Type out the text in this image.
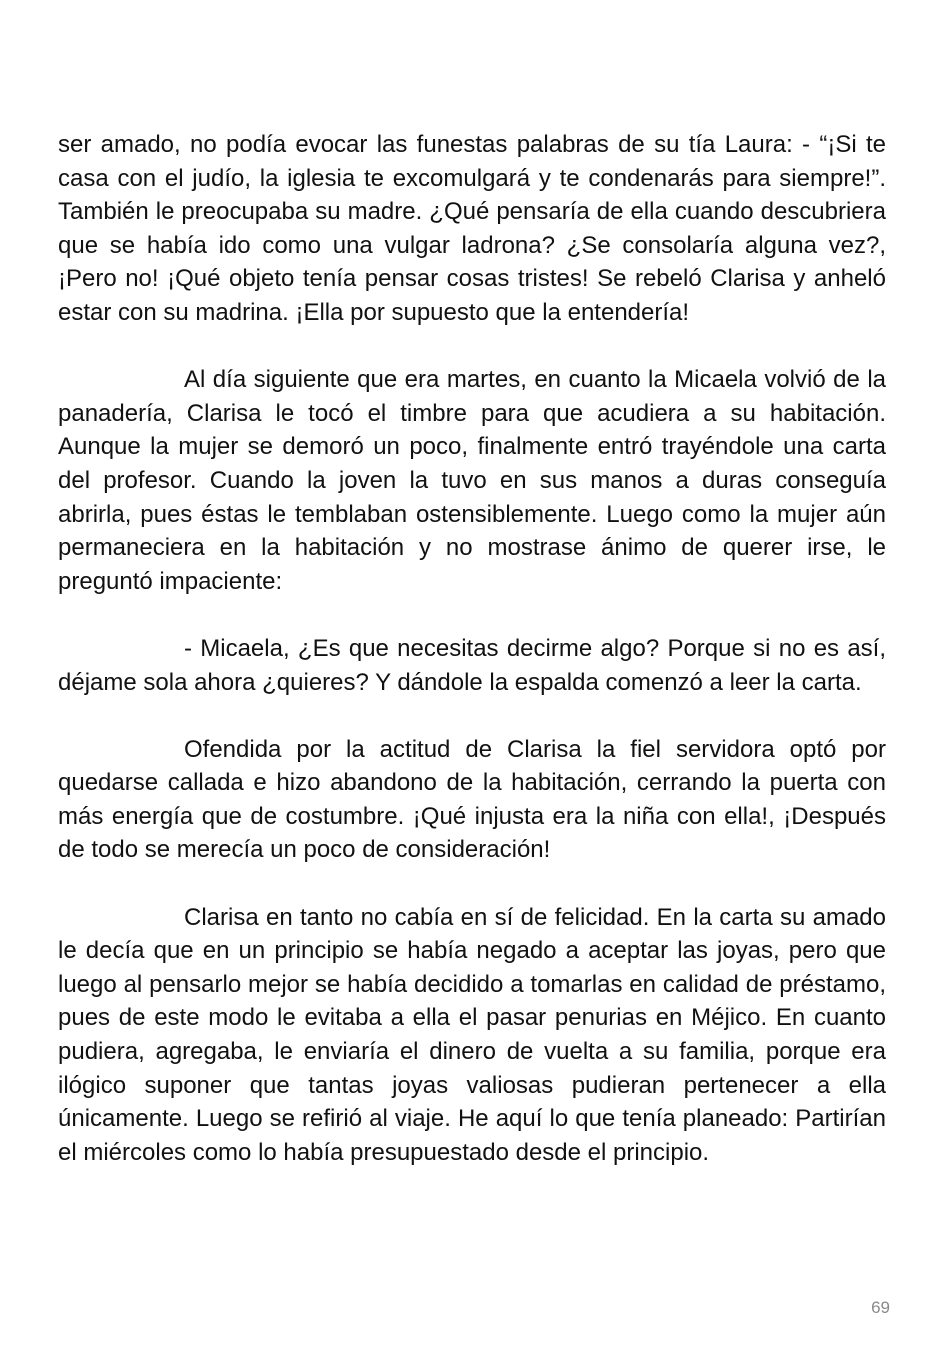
ser amado, no podía evocar las funestas palabras de su tía Laura: - “¡Si te casa con el judío, la iglesia te excomulgará y te condenarás para siempre!”. También le preocupaba su madre. ¿Qué pensaría de ella cuando descubriera que se había ido como una vulgar ladrona? ¿Se consolaría alguna vez?, ¡Pero no! ¡Qué objeto tenía pensar cosas tristes! Se rebeló Clarisa y anheló estar con su madrina. ¡Ella por supuesto que la entendería!

Al día siguiente que era martes, en cuanto la Micaela volvió de la panadería, Clarisa le tocó el timbre para que acudiera a su habitación. Aunque la mujer se demoró un poco, finalmente entró trayéndole una carta del profesor. Cuando la joven la tuvo en sus manos a duras conseguía abrirla, pues éstas le temblaban ostensiblemente. Luego como la mujer aún permaneciera en la habitación y no mostrase ánimo de querer irse, le preguntó impaciente:

- Micaela, ¿Es que necesitas decirme algo? Porque si no es así, déjame sola ahora ¿quieres? Y dándole la espalda comenzó a leer la carta.

Ofendida por la actitud de Clarisa la fiel servidora optó por quedarse callada e hizo abandono de la habitación, cerrando la puerta con más energía que de costumbre. ¡Qué injusta era la niña con ella!, ¡Después de todo se merecía un poco de consideración!

Clarisa en tanto no cabía en sí de felicidad. En la carta su amado le decía que en un principio se había negado a aceptar las joyas, pero que luego al pensarlo mejor se había decidido a tomarlas en calidad de préstamo, pues de este modo le evitaba a ella el pasar penurias en Méjico. En cuanto pudiera, agregaba, le enviaría el dinero de vuelta a su familia, porque era ilógico suponer que tantas joyas valiosas pudieran pertenecer a ella únicamente. Luego se refirió al viaje. He aquí lo que tenía planeado: Partirían el miércoles como lo había presupuestado desde el principio.

69
